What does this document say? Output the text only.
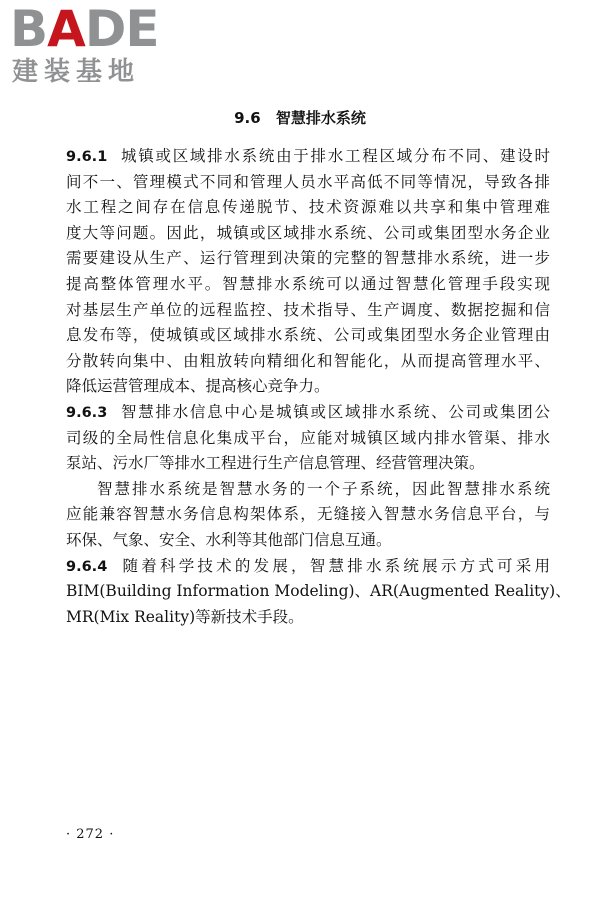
BADE
建装基地
9.6 智慧排水系统

9.6.1 城镇或区域排水系统由于排水工程区域分布不同、建设时
间不一、管理模式不同和管理人员水平高低不同等情况，导致各排
水工程之间存在信息传递脱节、技术资源难以共享和集中管理难
度大等问题。因此，城镇或区域排水系统、公司或集团型水务企业
需要建设从生产、运行管理到决策的完整的智慧排水系统，进一步
提高整体管理水平。智慧排水系统可以通过智慧化管理手段实现
对基层生产单位的远程监控、技术指导、生产调度、数据挖掘和信
息发布等，使城镇或区域排水系统、公司或集团型水务企业管理由
分散转向集中、由粗放转向精细化和智能化，从而提高管理水平、
降低运营管理成本、提高核心竞争力。

9.6.3 智慧排水信息中心是城镇或区域排水系统、公司或集团公
司级的全局性信息化集成平台，应能对城镇区域内排水管渠、排水
泵站、污水厂等排水工程进行生产信息管理、经营管理决策。

智慧排水系统是智慧水务的一个子系统，因此智慧排水系统
应能兼容智慧水务信息构架体系，无缝接入智慧水务信息平台，与
环保、气象、安全、水利等其他部门信息互通。

9.6.4 随着科学技术的发展，智慧排水系统展示方式可采用
BIM(Building Information Modeling)、AR(Augmented Reality)、
MR(Mix Reality)等新技术手段。

· 272 ·
